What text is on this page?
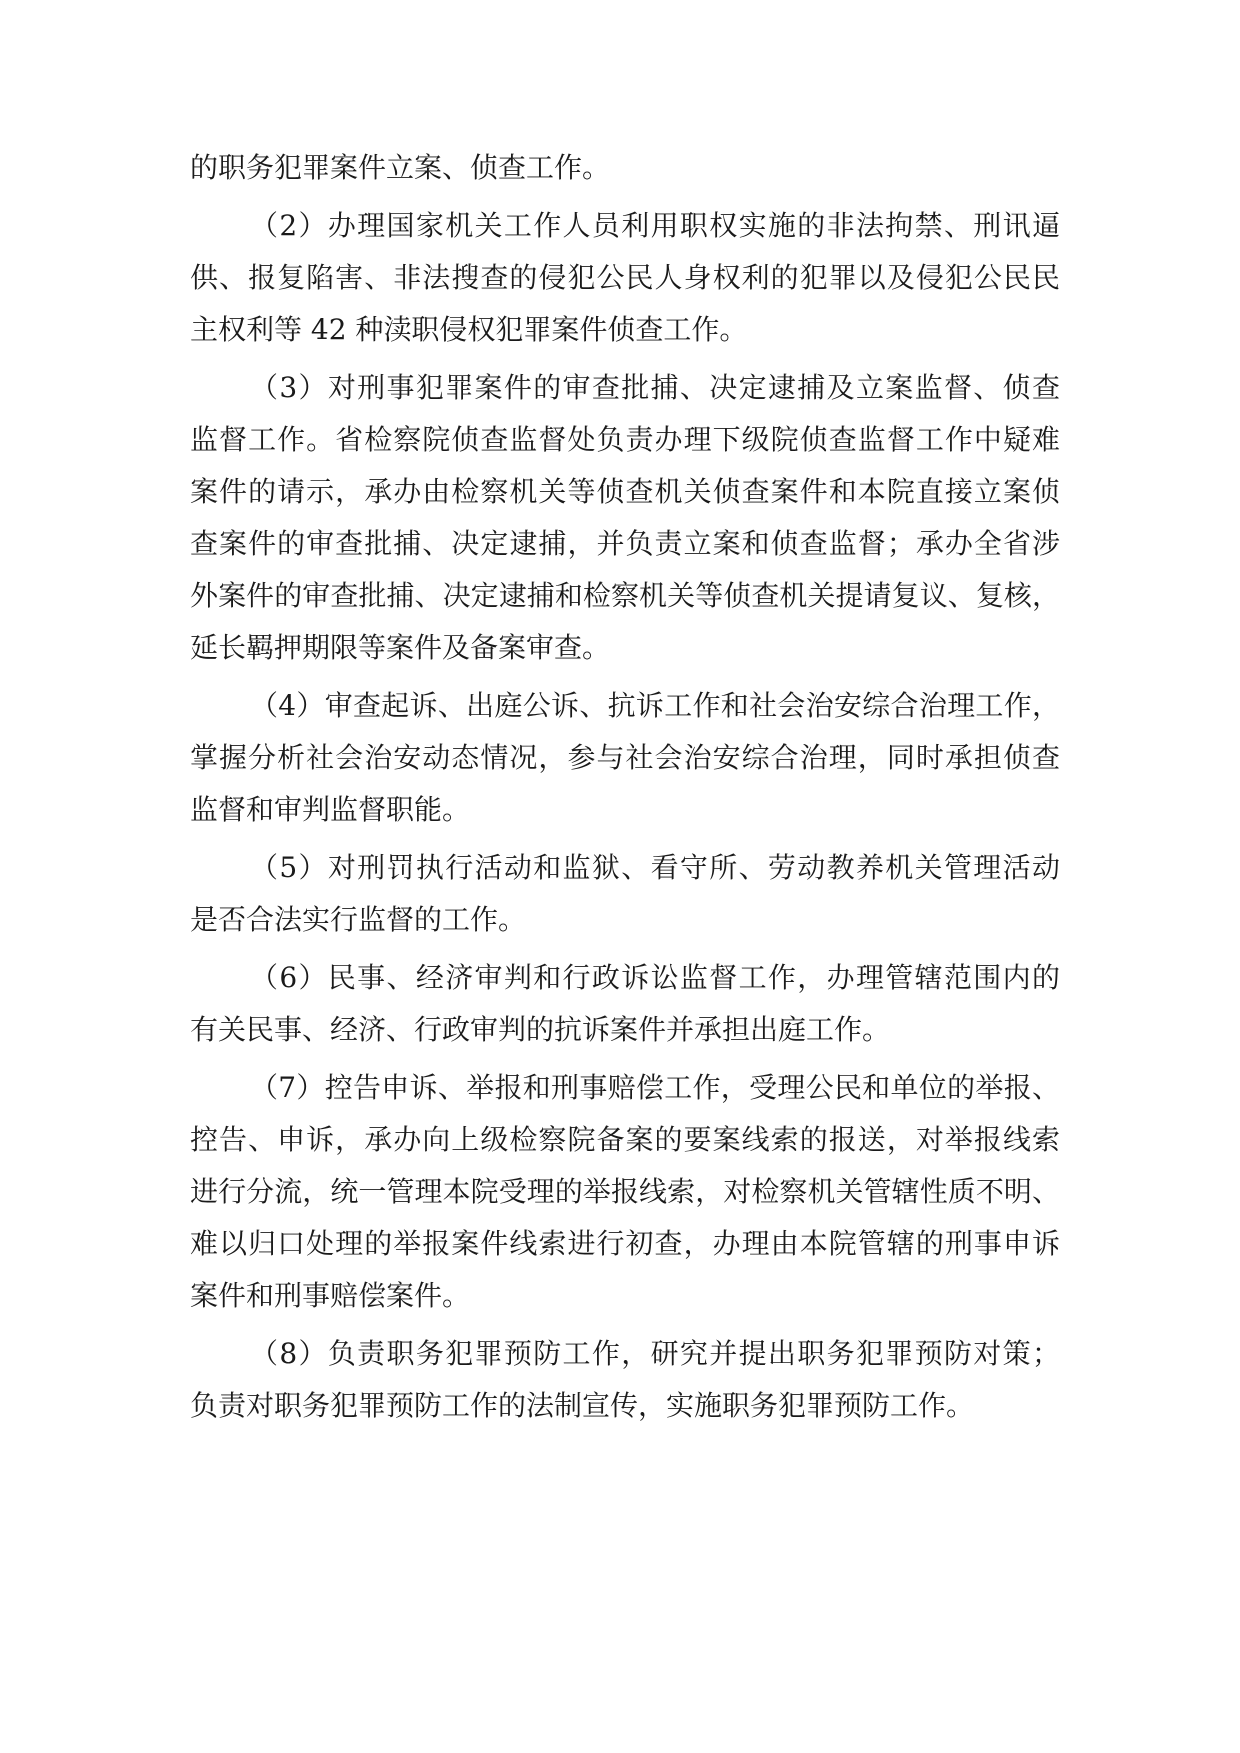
的职务犯罪案件立案、侦查工作。
（2）办理国家机关工作人员利用职权实施的非法拘禁、刑讯逼
供、报复陷害、非法搜查的侵犯公民人身权利的犯罪以及侵犯公民民
主权利等 42 种渎职侵权犯罪案件侦查工作。
（3）对刑事犯罪案件的审查批捕、决定逮捕及立案监督、侦查
监督工作。省检察院侦查监督处负责办理下级院侦查监督工作中疑难
案件的请示，承办由检察机关等侦查机关侦查案件和本院直接立案侦
查案件的审查批捕、决定逮捕，并负责立案和侦查监督；承办全省涉
外案件的审查批捕、决定逮捕和检察机关等侦查机关提请复议、复核，
延长羁押期限等案件及备案审查。
（4）审查起诉、出庭公诉、抗诉工作和社会治安综合治理工作，
掌握分析社会治安动态情况，参与社会治安综合治理，同时承担侦查
监督和审判监督职能。
（5）对刑罚执行活动和监狱、看守所、劳动教养机关管理活动
是否合法实行监督的工作。
（6）民事、经济审判和行政诉讼监督工作，办理管辖范围内的
有关民事、经济、行政审判的抗诉案件并承担出庭工作。
（7）控告申诉、举报和刑事赔偿工作，受理公民和单位的举报、
控告、申诉，承办向上级检察院备案的要案线索的报送，对举报线索
进行分流，统一管理本院受理的举报线索，对检察机关管辖性质不明、
难以归口处理的举报案件线索进行初查，办理由本院管辖的刑事申诉
案件和刑事赔偿案件。
（8）负责职务犯罪预防工作，研究并提出职务犯罪预防对策；
负责对职务犯罪预防工作的法制宣传，实施职务犯罪预防工作。
